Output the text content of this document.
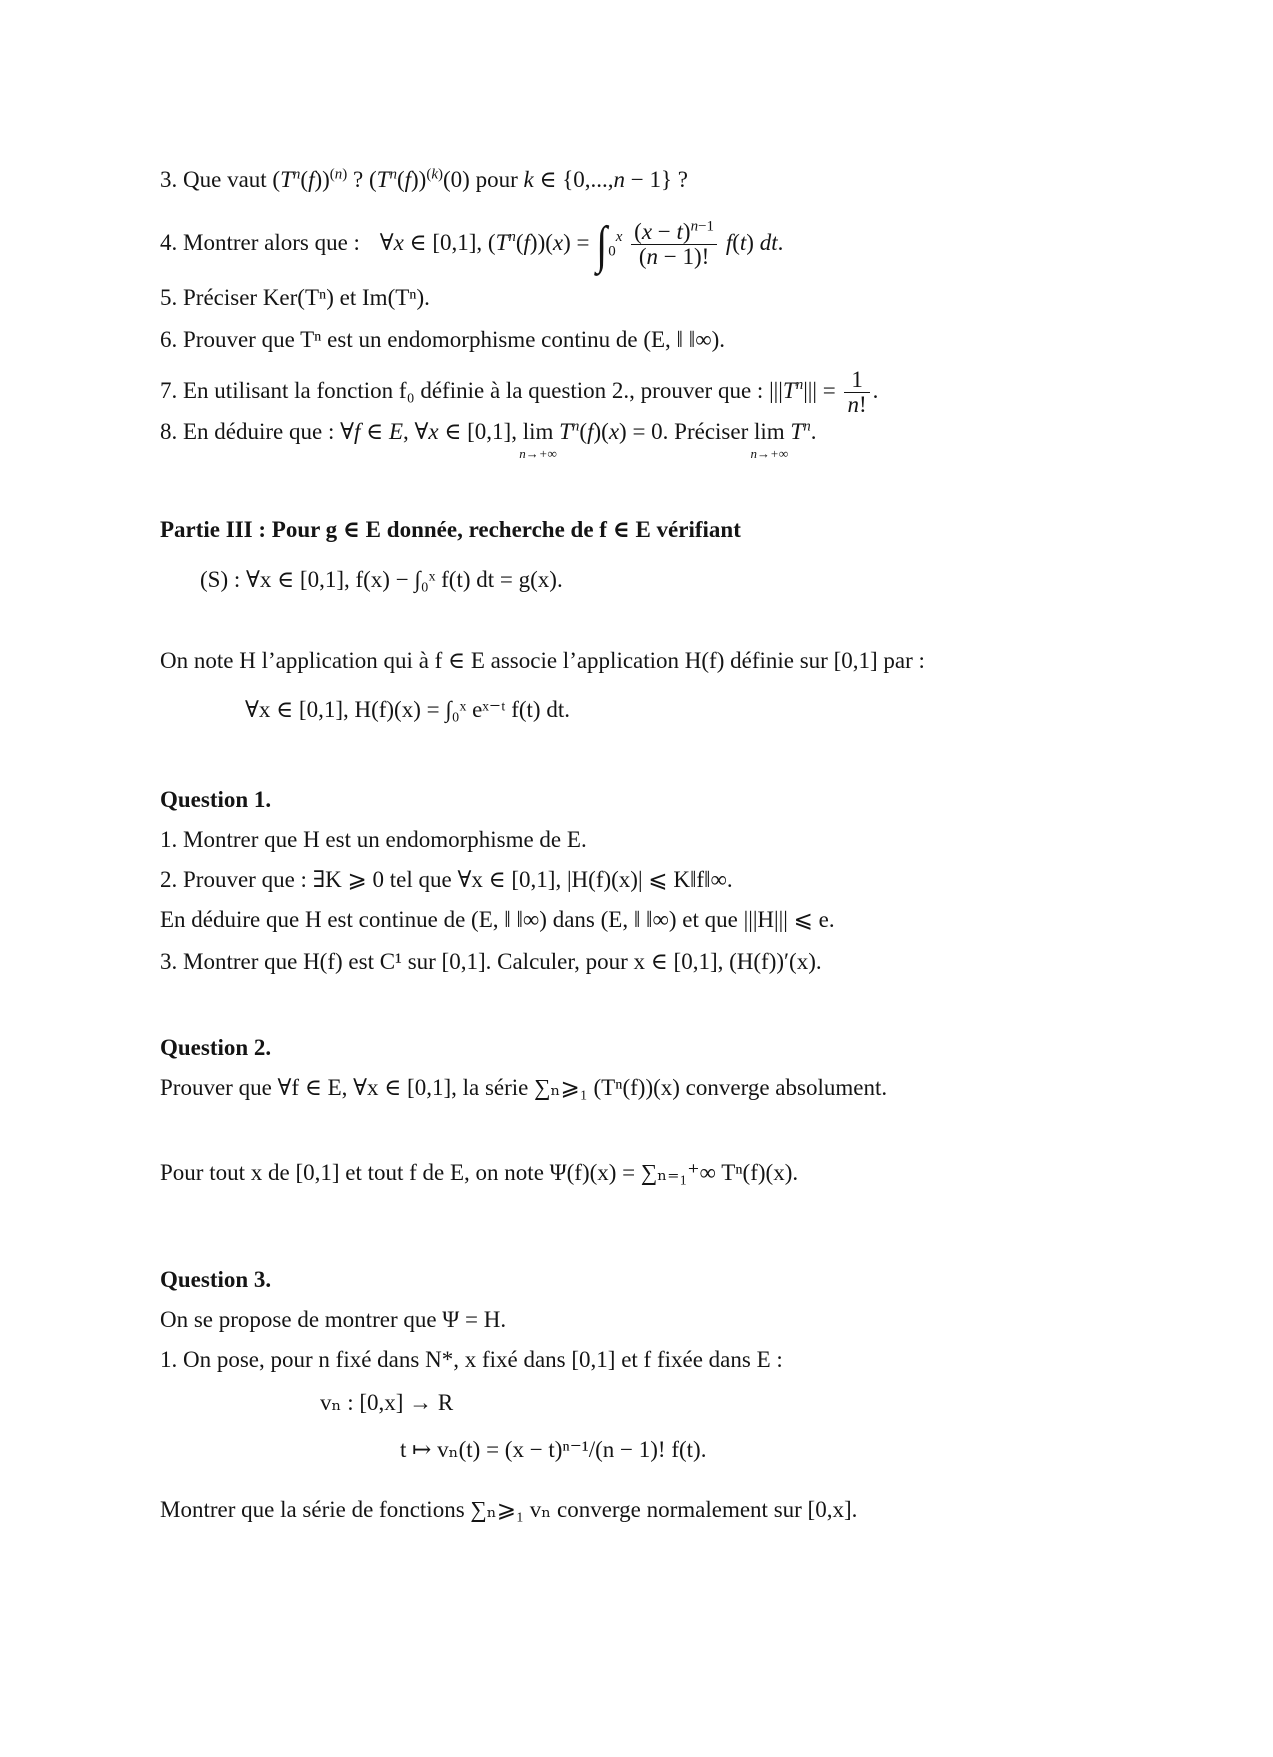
3. Que vaut $(T^n(f))^{(n)}$ ? $(T^n(f))^{(k)}(0)$ pour k ∈ {0,...,n − 1} ?
4. Montrer alors que : ∀x ∈ [0,1], $(T^n(f))(x) = \int_0^x \frac{(x - t)^{n-1}}{(n - 1)!} f(t)$ dt.
5. Préciser Ker(Tⁿ) et Im(Tⁿ).
6. Prouver que Tⁿ est un endomorphisme continu de (E, ‖ ‖∞).
7. En utilisant la fonction f₀ définie à la question 2., prouver que : $|||T^n||| = \frac{1}{n!}$ .
8. En déduire que : ∀f ∈ E, ∀x ∈ [0,1], lim
n→+∞
$T^n(f)(x) = 0$. Préciser lim
n→+∞
$T^n$.
Partie III : Pour g ∈ E donnée, recherche de f ∈ E vérifiant
(S) : ∀x ∈ [0,1], f(x) − ∫₀ˣ f(t) dt = g(x).
On note H l’application qui à f ∈ E associe l’application H(f) définie sur [0,1] par :
∀x ∈ [0,1], H(f)(x) = ∫₀ˣ eˣ⁻ᵗ f(t) dt.
Question 1.
1. Montrer que H est un endomorphisme de E.
2. Prouver que : ∃K ⩾ 0 tel que ∀x ∈ [0,1], |H(f)(x)| ⩽ K‖f‖∞.
En déduire que H est continue de (E, ‖ ‖∞) dans (E, ‖ ‖∞) et que |||H||| ⩽ e.
3. Montrer que H(f) est C¹ sur [0,1]. Calculer, pour x ∈ [0,1], (H(f))′(x).
Question 2.
Prouver que ∀f ∈ E, ∀x ∈ [0,1], la série ∑ₙ⩾₁ (Tⁿ(f))(x) converge absolument.
Pour tout x de [0,1] et tout f de E, on note Ψ(f)(x) = ∑ₙ₌₁⁺∞ Tⁿ(f)(x).
Question 3.
On se propose de montrer que Ψ = H.
1. On pose, pour n fixé dans N*, x fixé dans [0,1] et f fixée dans E :
vₙ : [0,x] → R
t ↦ vₙ(t) = (x − t)ⁿ⁻¹/(n − 1)! f(t).
Montrer que la série de fonctions ∑ₙ⩾₁ vₙ converge normalement sur [0,x].
